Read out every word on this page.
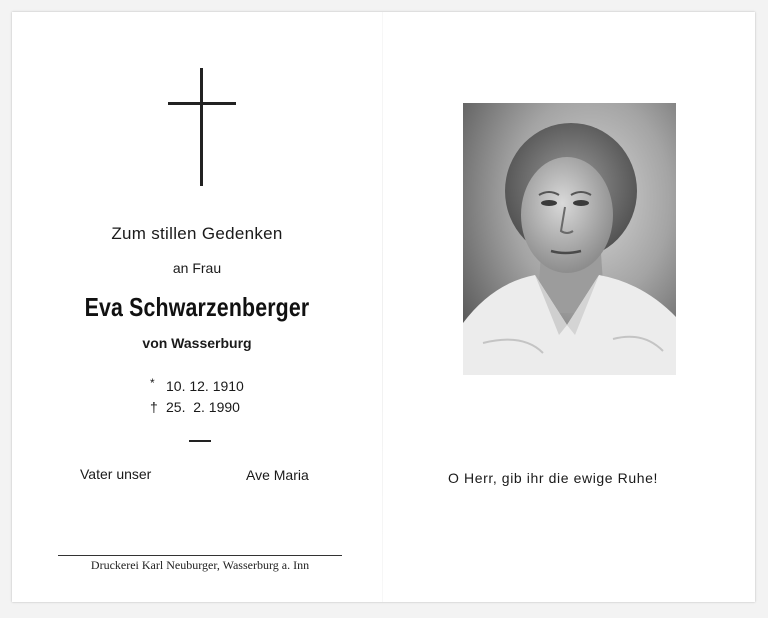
Zum stillen Gedenken
an Frau
Eva Schwarzenberger
von Wasserburg
* 10. 12. 1910
† 25.  2. 1990
Vater unser	Ave Maria
Druckerei Karl Neuburger, Wasserburg a. Inn
O Herr, gib ihr die ewige Ruhe!
